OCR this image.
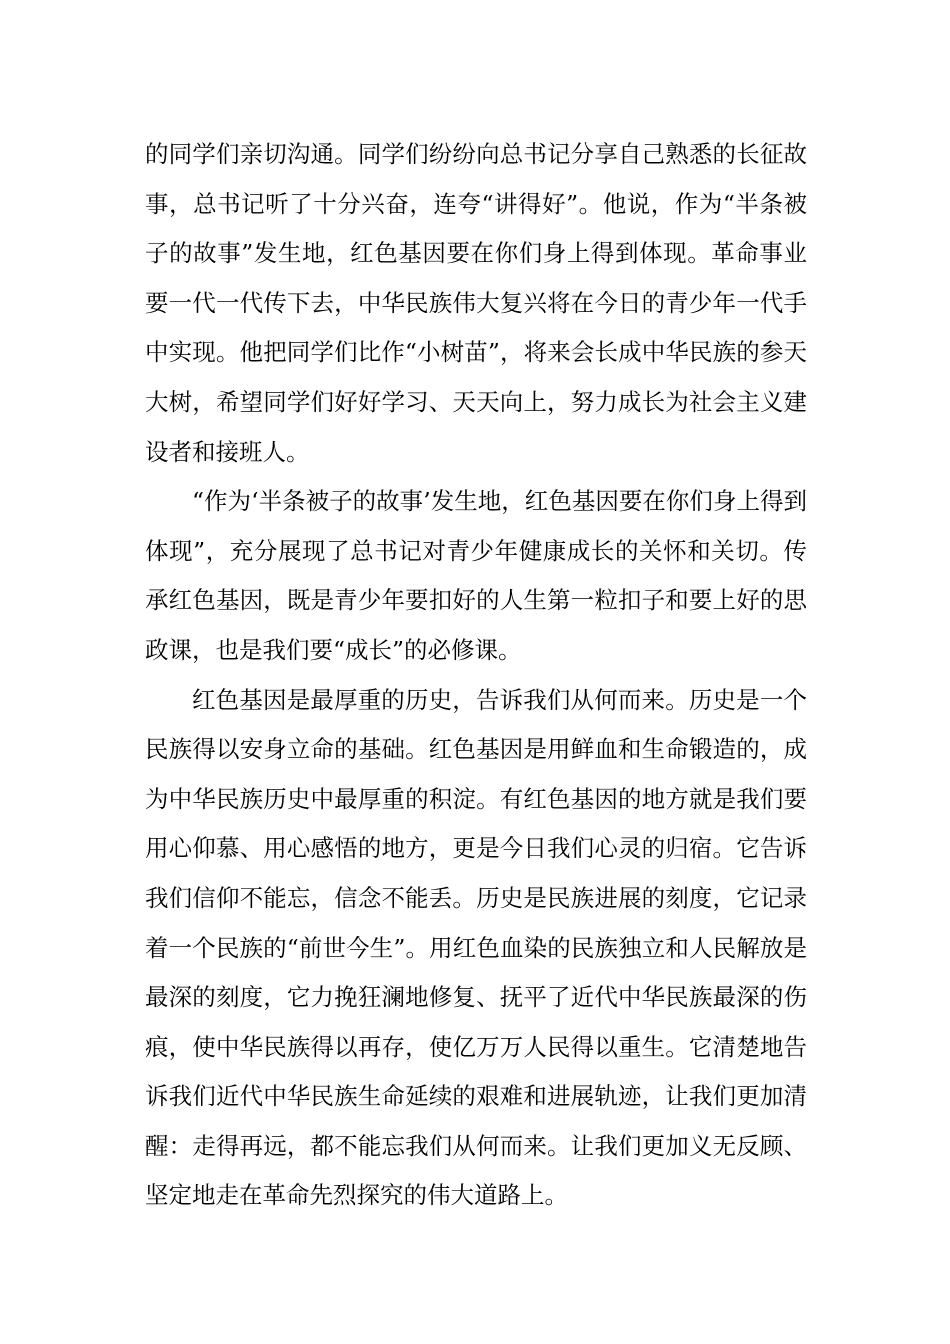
的同学们亲切沟通。同学们纷纷向总书记分享自己熟悉的长征故事，总书记听了十分兴奋，连夸“讲得好”。他说，作为“半条被子的故事”发生地，红色基因要在你们身上得到体现。革命事业要一代一代传下去，中华民族伟大复兴将在今日的青少年一代手中实现。他把同学们比作“小树苗”，将来会长成中华民族的参天大树，希望同学们好好学习、天天向上，努力成长为社会主义建设者和接班人。

“作为‘半条被子的故事’发生地，红色基因要在你们身上得到体现”，充分展现了总书记对青少年健康成长的关怀和关切。传承红色基因，既是青少年要扣好的人生第一粒扣子和要上好的思政课，也是我们要“成长”的必修课。

红色基因是最厚重的历史，告诉我们从何而来。历史是一个民族得以安身立命的基础。红色基因是用鲜血和生命锻造的，成为中华民族历史中最厚重的积淀。有红色基因的地方就是我们要用心仰慕、用心感悟的地方，更是今日我们心灵的归宿。它告诉我们信仰不能忘，信念不能丢。历史是民族进展的刻度，它记录着一个民族的“前世今生”。用红色血染的民族独立和人民解放是最深的刻度，它力挽狂澜地修复、抚平了近代中华民族最深的伤痕，使中华民族得以再存，使亿万万人民得以重生。它清楚地告诉我们近代中华民族生命延续的艰难和进展轨迹，让我们更加清醒：走得再远，都不能忘我们从何而来。让我们更加义无反顾、坚定地走在革命先烈探究的伟大道路上。
